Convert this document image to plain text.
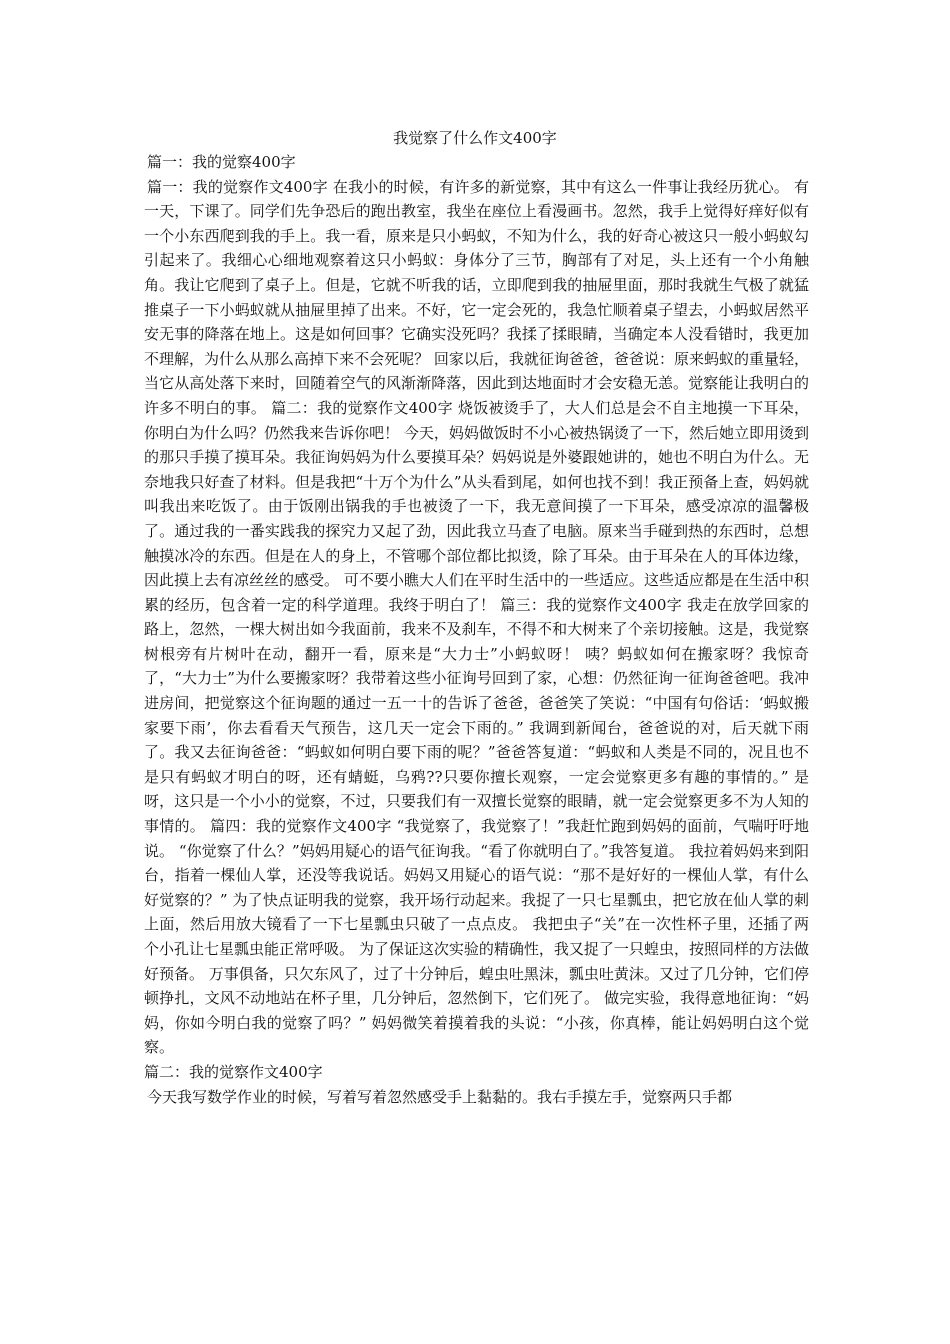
我觉察了什么作文400字

篇一：我的觉察400字

篇一：我的觉察作文400字 在我小的时候，有许多的新觉察，其中有这么一件事让我经历犹心。 有一天，下课了。同学们先争恐后的跑出教室，我坐在座位上看漫画书。忽然，我手上觉得好痒好似有一个小东西爬到我的手上。我一看，原来是只小蚂蚁，不知为什么，我的好奇心被这只一般小蚂蚁勾引起来了。我细心心细地观察着这只小蚂蚁：身体分了三节，胸部有了对足，头上还有一个小角触角。我让它爬到了桌子上。但是，它就不听我的话，立即爬到我的抽屉里面，那时我就生气极了就猛推桌子一下小蚂蚁就从抽屉里掉了出来。不好，它一定会死的，我急忙顺着桌子望去，小蚂蚁居然平安无事的降落在地上。这是如何回事？它确实没死吗？我揉了揉眼睛，当确定本人没看错时，我更加不理解，为什么从那么高掉下来不会死呢？ 回家以后，我就征询爸爸，爸爸说：原来蚂蚁的重量轻，当它从高处落下来时，回随着空气的风渐渐降落，因此到达地面时才会安稳无恙。觉察能让我明白的许多不明白的事。 篇二：我的觉察作文400字 烧饭被烫手了，大人们总是会不自主地摸一下耳朵，你明白为什么吗？仍然我来告诉你吧！ 今天，妈妈做饭时不小心被热锅烫了一下，然后她立即用烫到的那只手摸了摸耳朵。我征询妈妈为什么要摸耳朵？妈妈说是外婆跟她讲的，她也不明白为什么。无奈地我只好查了材料。但是我把“十万个为什么”从头看到尾，如何也找不到！我正预备上查，妈妈就叫我出来吃饭了。由于饭刚出锅我的手也被烫了一下，我无意间摸了一下耳朵，感受凉凉的温馨极了。通过我的一番实践我的探究力又起了劲，因此我立马查了电脑。原来当手碰到热的东西时，总想触摸冰冷的东西。但是在人的身上，不管哪个部位都比拟烫，除了耳朵。由于耳朵在人的耳体边缘，因此摸上去有凉丝丝的感受。 可不要小瞧大人们在平时生活中的一些适应。这些适应都是在生活中积累的经历，包含着一定的科学道理。我终于明白了！ 篇三：我的觉察作文400字 我走在放学回家的路上，忽然，一棵大树出如今我面前，我来不及刹车，不得不和大树来了个亲切接触。这是，我觉察树根旁有片树叶在动，翻开一看，原来是“大力士”小蚂蚁呀！ 咦？蚂蚁如何在搬家呀？我惊奇了，“大力士”为什么要搬家呀？我带着这些小征询号回到了家，心想：仍然征询一征询爸爸吧。我冲进房间，把觉察这个征询题的通过一五一十的告诉了爸爸，爸爸笑了笑说：“中国有句俗话：‘蚂蚁搬家要下雨’，你去看看天气预告，这几天一定会下雨的。” 我调到新闻台，爸爸说的对，后天就下雨了。我又去征询爸爸：“蚂蚁如何明白要下雨的呢？”爸爸答复道：“蚂蚁和人类是不同的，况且也不是只有蚂蚁才明白的呀，还有蜻蜓，乌鸦??只要你擅长观察，一定会觉察更多有趣的事情的。” 是呀，这只是一个小小的觉察，不过，只要我们有一双擅长觉察的眼睛，就一定会觉察更多不为人知的事情的。 篇四：我的觉察作文400字 “我觉察了，我觉察了！”我赶忙跑到妈妈的面前，气喘吁吁地说。 “你觉察了什么？”妈妈用疑心的语气征询我。“看了你就明白了。”我答复道。 我拉着妈妈来到阳台，指着一棵仙人掌，还没等我说话。妈妈又用疑心的语气说：“那不是好好的一棵仙人掌，有什么好觉察的？” 为了快点证明我的觉察，我开场行动起来。我捉了一只七星瓢虫，把它放在仙人掌的刺上面，然后用放大镜看了一下七星瓢虫只破了一点点皮。 我把虫子“关”在一次性杯子里，还插了两个小孔让七星瓢虫能正常呼吸。 为了保证这次实验的精确性，我又捉了一只蝗虫，按照同样的方法做好预备。 万事俱备，只欠东风了，过了十分钟后，蝗虫吐黑沫，瓢虫吐黄沫。又过了几分钟，它们停顿挣扎，文风不动地站在杯子里，几分钟后，忽然倒下，它们死了。 做完实验，我得意地征询：“妈妈，你如今明白我的觉察了吗？” 妈妈微笑着摸着我的头说：“小孩，你真棒，能让妈妈明白这个觉察。

篇二：我的觉察作文400字

今天我写数学作业的时候，写着写着忽然感受手上黏黏的。我右手摸左手，觉察两只手都
